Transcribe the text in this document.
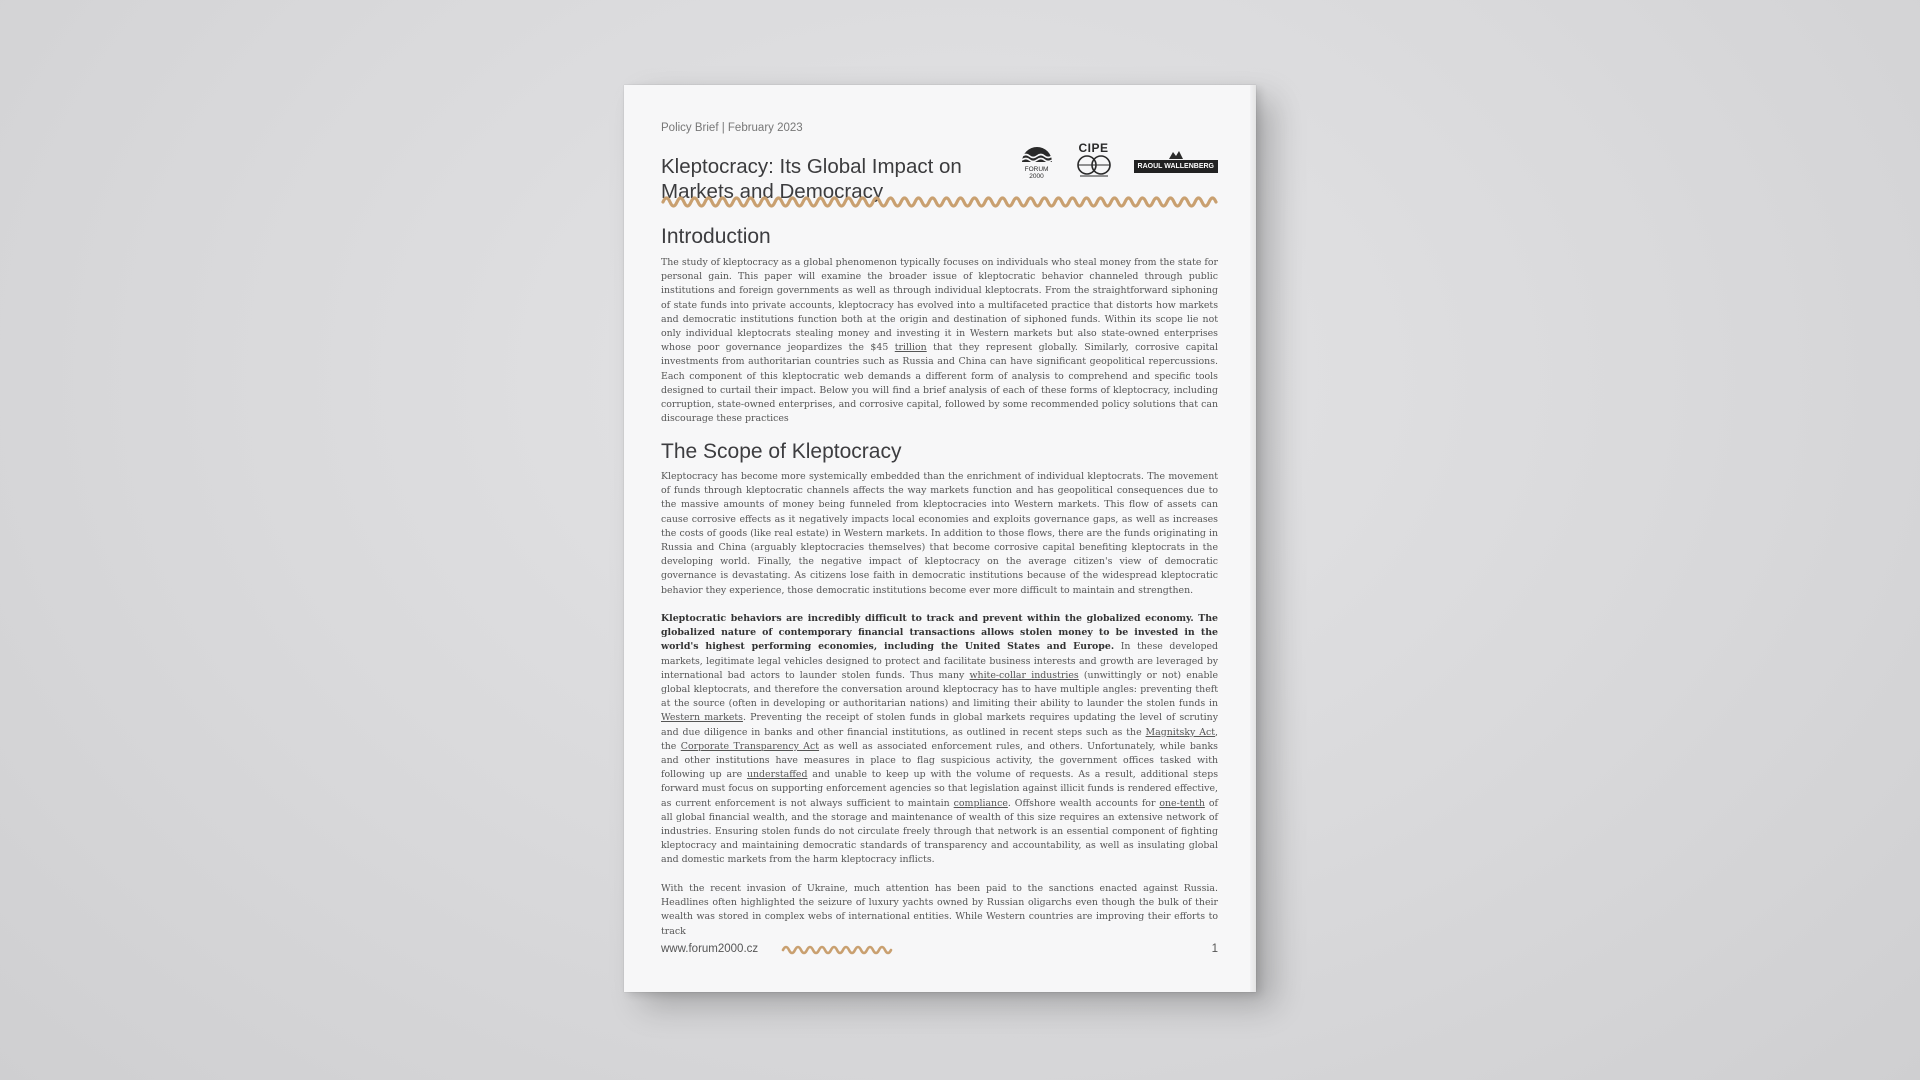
Policy Brief | February 2023
Kleptocracy: Its Global Impact on Markets and Democracy
FORUM 2000
CIPE
RAOUL WALLENBERG
Introduction

The study of kleptocracy as a global phenomenon typically focuses on individuals who steal money from the state for personal gain. This paper will examine the broader issue of kleptocratic behavior channeled through public institutions and foreign governments as well as through individual kleptocrats. From the straightforward siphoning of state funds into private accounts, kleptocracy has evolved into a multifaceted practice that distorts how markets and democratic institutions function both at the origin and destination of siphoned funds. Within its scope lie not only individual kleptocrats stealing money and investing it in Western markets but also state-owned enterprises whose poor governance jeopardizes the $45 trillion that they represent globally. Similarly, corrosive capital investments from authoritarian countries such as Russia and China can have significant geopolitical repercussions. Each component of this kleptocratic web demands a different form of analysis to comprehend and specific tools designed to curtail their impact. Below you will find a brief analysis of each of these forms of kleptocracy, including corruption, state-owned enterprises, and corrosive capital, followed by some recommended policy solutions that can discourage these practices

The Scope of Kleptocracy

Kleptocracy has become more systemically embedded than the enrichment of individual kleptocrats. The movement of funds through kleptocratic channels affects the way markets function and has geopolitical consequences due to the massive amounts of money being funneled from kleptocracies into Western markets. This flow of assets can cause corrosive effects as it negatively impacts local economies and exploits governance gaps, as well as increases the costs of goods (like real estate) in Western markets. In addition to those flows, there are the funds originating in Russia and China (arguably kleptocracies themselves) that become corrosive capital benefiting kleptocrats in the developing world. Finally, the negative impact of kleptocracy on the average citizen's view of democratic governance is devastating. As citizens lose faith in democratic institutions because of the widespread kleptocratic behavior they experience, those democratic institutions become ever more difficult to maintain and strengthen.

Kleptocratic behaviors are incredibly difficult to track and prevent within the globalized economy. The globalized nature of contemporary financial transactions allows stolen money to be invested in the world's highest performing economies, including the United States and Europe. In these developed markets, legitimate legal vehicles designed to protect and facilitate business interests and growth are leveraged by international bad actors to launder stolen funds. Thus many white-collar industries (unwittingly or not) enable global kleptocrats, and therefore the conversation around kleptocracy has to have multiple angles: preventing theft at the source (often in developing or authoritarian nations) and limiting their ability to launder the stolen funds in Western markets. Preventing the receipt of stolen funds in global markets requires updating the level of scrutiny and due diligence in banks and other financial institutions, as outlined in recent steps such as the Magnitsky Act, the Corporate Transparency Act as well as associated enforcement rules, and others. Unfortunately, while banks and other institutions have measures in place to flag suspicious activity, the government offices tasked with following up are understaffed and unable to keep up with the volume of requests. As a result, additional steps forward must focus on supporting enforcement agencies so that legislation against illicit funds is rendered effective, as current enforcement is not always sufficient to maintain compliance. Offshore wealth accounts for one-tenth of all global financial wealth, and the storage and maintenance of wealth of this size requires an extensive network of industries. Ensuring stolen funds do not circulate freely through that network is an essential component of fighting kleptocracy and maintaining democratic standards of transparency and accountability, as well as insulating global and domestic markets from the harm kleptocracy inflicts.

With the recent invasion of Ukraine, much attention has been paid to the sanctions enacted against Russia. Headlines often highlighted the seizure of luxury yachts owned by Russian oligarchs even though the bulk of their wealth was stored in complex webs of international entities. While Western countries are improving their efforts to track

www.forum2000.cz	1
